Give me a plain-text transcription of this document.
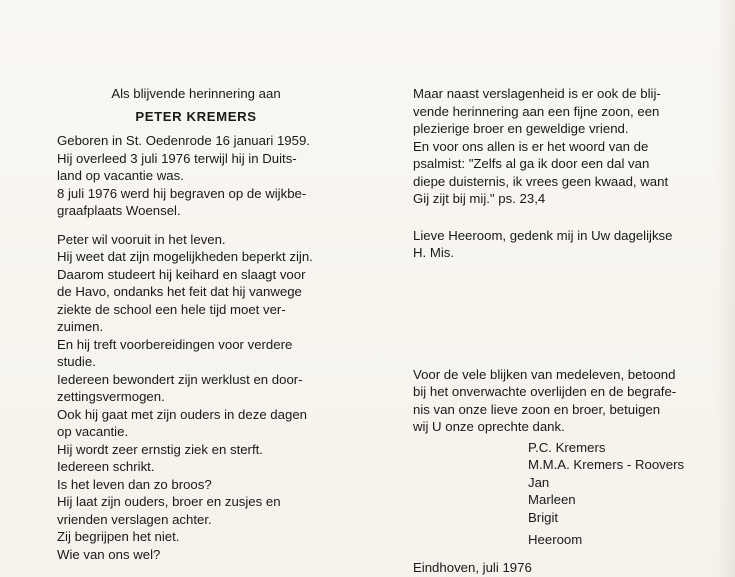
Als blijvende herinnering aan
PETER KREMERS
Geboren in St. Oedenrode 16 januari 1959.
Hij overleed 3 juli 1976 terwijl hij in Duits-
land op vacantie was.
8 juli 1976 werd hij begraven op de wijkbe-
graafplaats Woensel.
Peter wil vooruit in het leven.
Hij weet dat zijn mogelijkheden beperkt zijn.
Daarom studeert hij keihard en slaagt voor
de Havo, ondanks het feit dat hij vanwege
ziekte de school een hele tijd moet ver-
zuimen.
En hij treft voorbereidingen voor verdere
studie.
Iedereen bewondert zijn werklust en door-
zettingsvermogen.
Ook hij gaat met zijn ouders in deze dagen
op vacantie.
Hij wordt zeer ernstig ziek en sterft.
Iedereen schrikt.
Is het leven dan zo broos?
Hij laat zijn ouders, broer en zusjes en
vrienden verslagen achter.
Zij begrijpen het niet.
Wie van ons wel?
Maar naast verslagenheid is er ook de blij-
vende herinnering aan een fijne zoon, een
plezierige broer en geweldige vriend.
En voor ons allen is er het woord van de
psalmist: "Zelfs al ga ik door een dal van
diepe duisternis, ik vrees geen kwaad, want
Gij zijt bij mij." ps. 23,4
Lieve Heeroom, gedenk mij in Uw dagelijkse
H. Mis.
Voor de vele blijken van medeleven, betoond
bij het onverwachte overlijden en de begrafe-
nis van onze lieve zoon en broer, betuigen
wij U onze oprechte dank.
P.C. Kremers
M.M.A. Kremers - Roovers
Jan
Marleen
Brigit
Heeroom
Eindhoven, juli 1976
